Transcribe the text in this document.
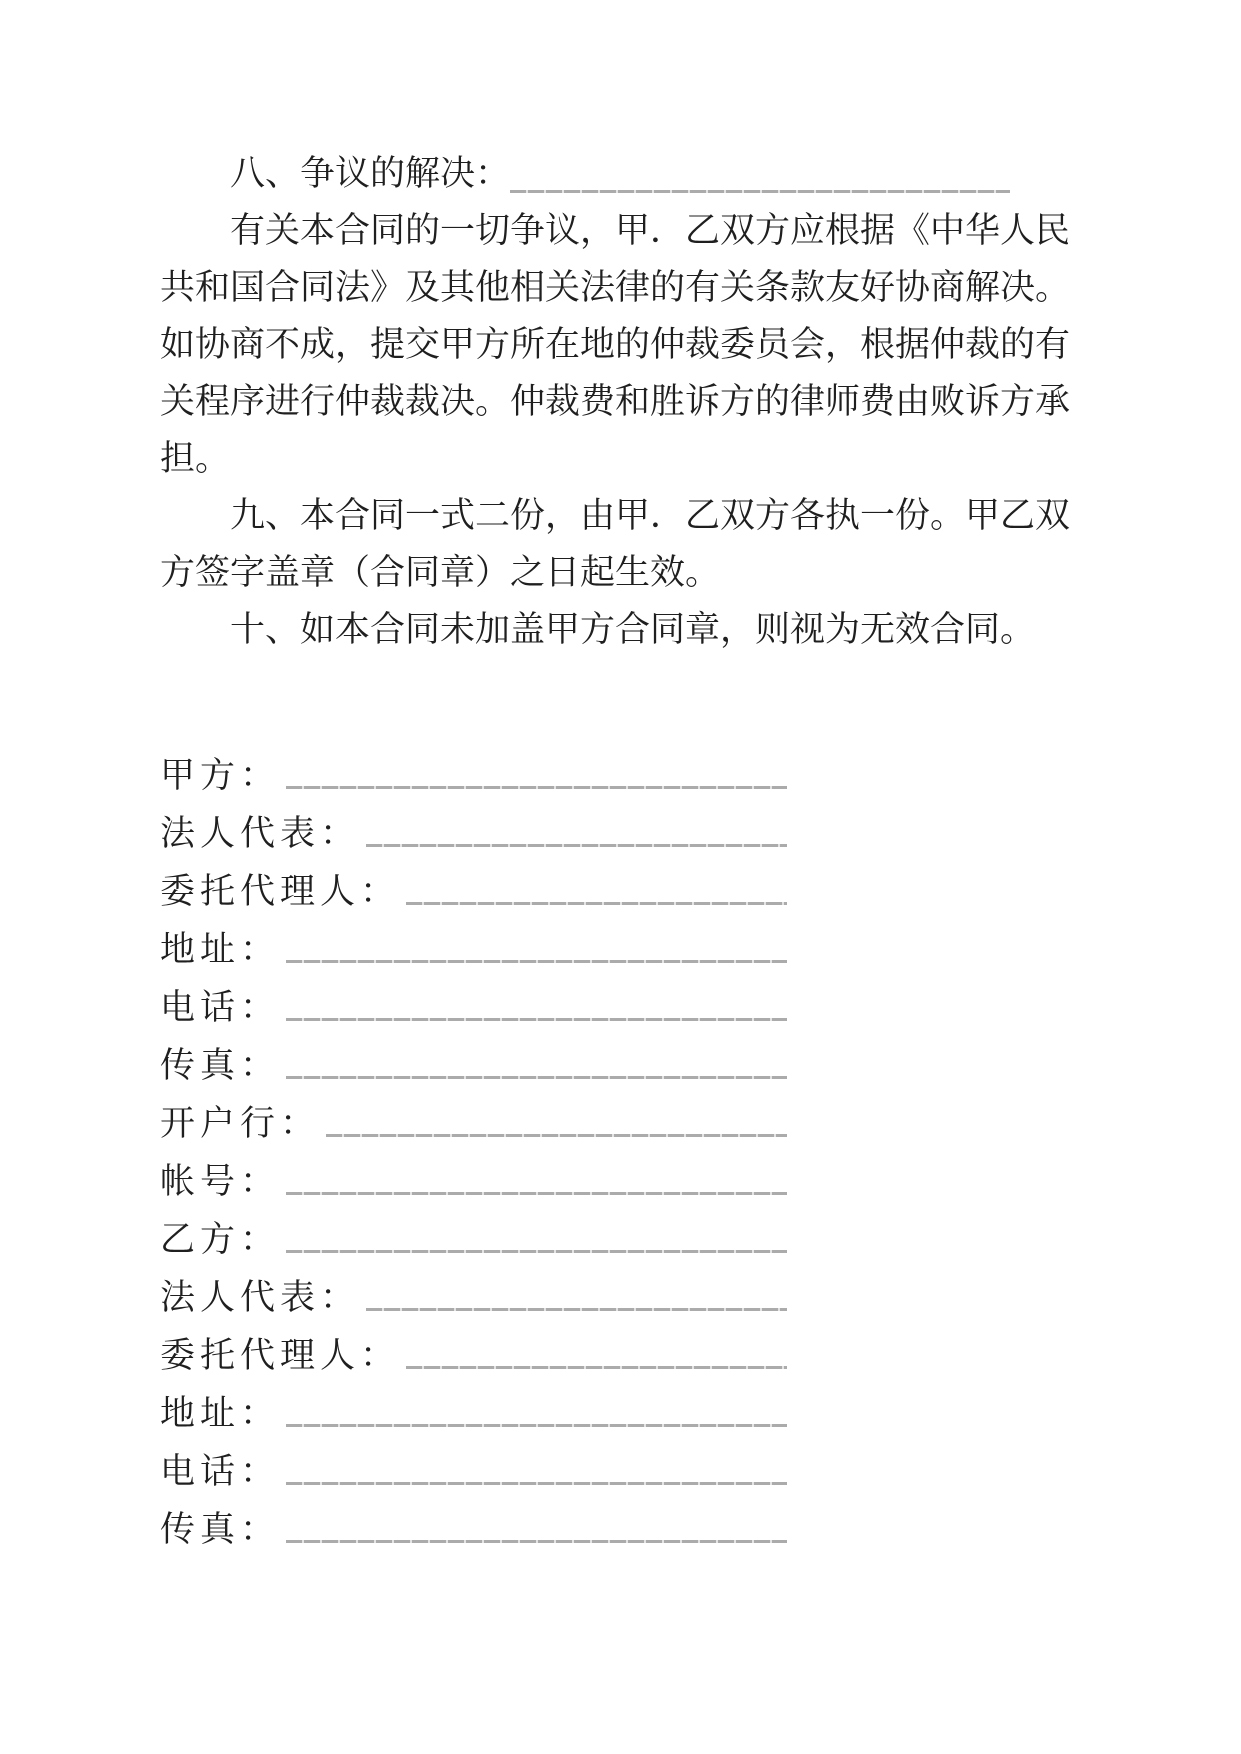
八、争议的解决：
有关本合同的一切争议，甲．乙双方应根据《中华人民
共和国合同法》及其他相关法律的有关条款友好协商解决。
如协商不成，提交甲方所在地的仲裁委员会，根据仲裁的有
关程序进行仲裁裁决。仲裁费和胜诉方的律师费由败诉方承
担。
九、本合同一式二份，由甲．乙双方各执一份。甲乙双
方签字盖章（合同章）之日起生效。
十、如本合同未加盖甲方合同章，则视为无效合同。
甲方：
法人代表：
委托代理人：
地址：
电话：
传真：
开户行：
帐号：
乙方：
法人代表：
委托代理人：
地址：
电话：
传真：
